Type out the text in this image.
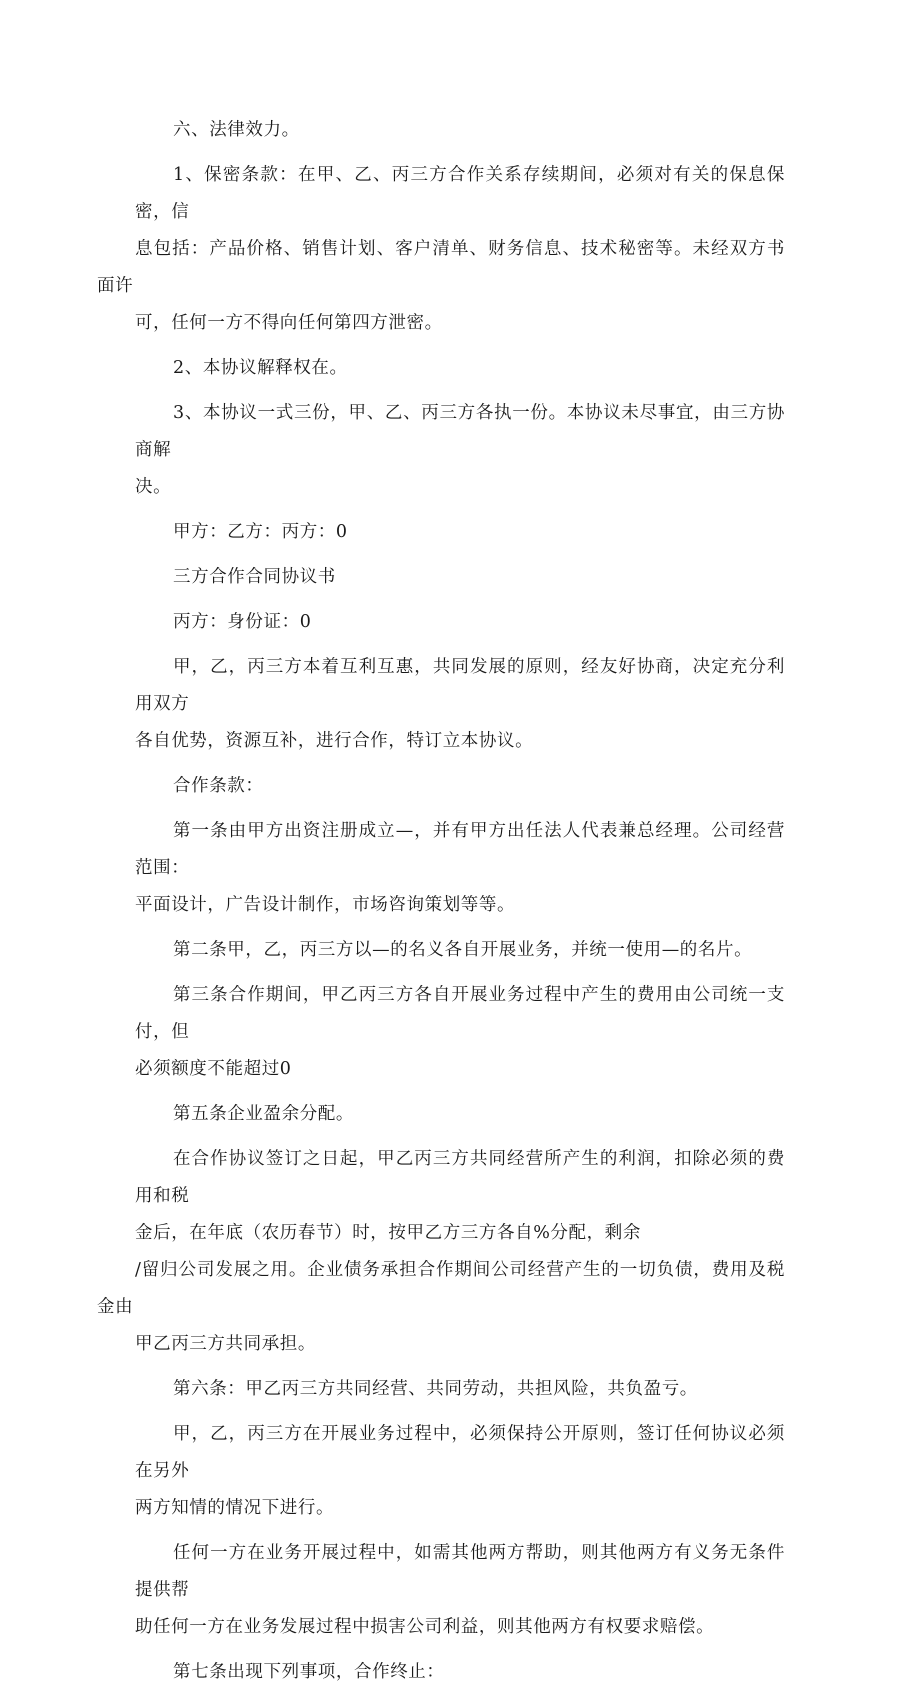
六、法律效力。

1、保密条款：在甲、乙、丙三方合作关系存续期间，必须对有关的保息保密，信
息包括：产品价格、销售计划、客户清单、财务信息、技术秘密等。未经双方书面许
可，任何一方不得向任何第四方泄密。

2、本协议解释权在。

3、本协议一式三份，甲、乙、丙三方各执一份。本协议未尽事宜，由三方协商解
决。

甲方：乙方：丙方：0

三方合作合同协议书

丙方：身份证：0

甲，乙，丙三方本着互利互惠，共同发展的原则，经友好协商，决定充分利用双方
各自优势，资源互补，进行合作，特订立本协议。

合作条款：

第一条由甲方出资注册成立—，并有甲方出任法人代表兼总经理。公司经营范围：
平面设计，广告设计制作，市场咨询策划等等。

第二条甲，乙，丙三方以—的名义各自开展业务，并统一使用—的名片。

第三条合作期间，甲乙丙三方各自开展业务过程中产生的费用由公司统一支付，但
必须额度不能超过0

第五条企业盈余分配。

在合作协议签订之日起，甲乙丙三方共同经营所产生的利润，扣除必须的费用和税
金后，在年底（农历春节）时，按甲乙方三方各自%分配，剩余
/留归公司发展之用。企业债务承担合作期间公司经营产生的一切负债，费用及税金由
甲乙丙三方共同承担。

第六条：甲乙丙三方共同经营、共同劳动，共担风险，共负盈亏。

甲，乙，丙三方在开展业务过程中，必须保持公开原则，签订任何协议必须在另外
两方知情的情况下进行。

任何一方在业务开展过程中，如需其他两方帮助，则其他两方有义务无条件提供帮
助任何一方在业务发展过程中损害公司利益，则其他两方有权要求赔偿。

第七条出现下列事项，合作终止：
